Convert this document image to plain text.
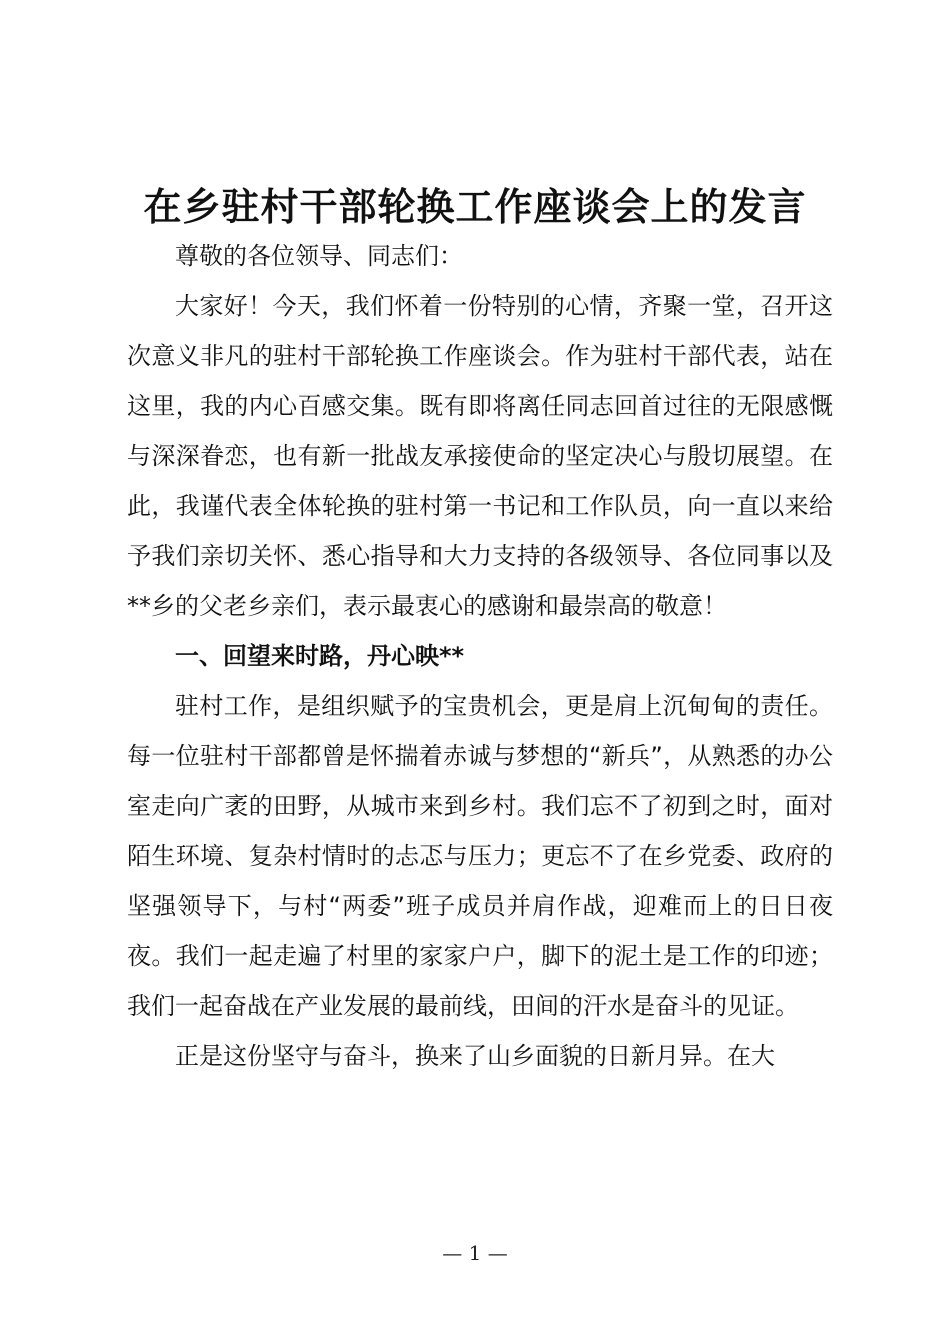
在乡驻村干部轮换工作座谈会上的发言

尊敬的各位领导、同志们：

大家好！今天，我们怀着一份特别的心情，齐聚一堂，召开这次意义非凡的驻村干部轮换工作座谈会。作为驻村干部代表，站在这里，我的内心百感交集。既有即将离任同志回首过往的无限感慨与深深眷恋，也有新一批战友承接使命的坚定决心与殷切展望。在此，我谨代表全体轮换的驻村第一书记和工作队员，向一直以来给予我们亲切关怀、悉心指导和大力支持的各级领导、各位同事以及**乡的父老乡亲们，表示最衷心的感谢和最崇高的敬意！

一、回望来时路，丹心映**

驻村工作，是组织赋予的宝贵机会，更是肩上沉甸甸的责任。每一位驻村干部都曾是怀揣着赤诚与梦想的“新兵”，从熟悉的办公室走向广袤的田野，从城市来到乡村。我们忘不了初到之时，面对陌生环境、复杂村情时的忐忑与压力；更忘不了在乡党委、政府的坚强领导下，与村“两委”班子成员并肩作战，迎难而上的日日夜夜。我们一起走遍了村里的家家户户，脚下的泥土是工作的印迹；我们一起奋战在产业发展的最前线，田间的汗水是奋斗的见证。

正是这份坚守与奋斗，换来了山乡面貌的日新月异。在大

— 1 —
